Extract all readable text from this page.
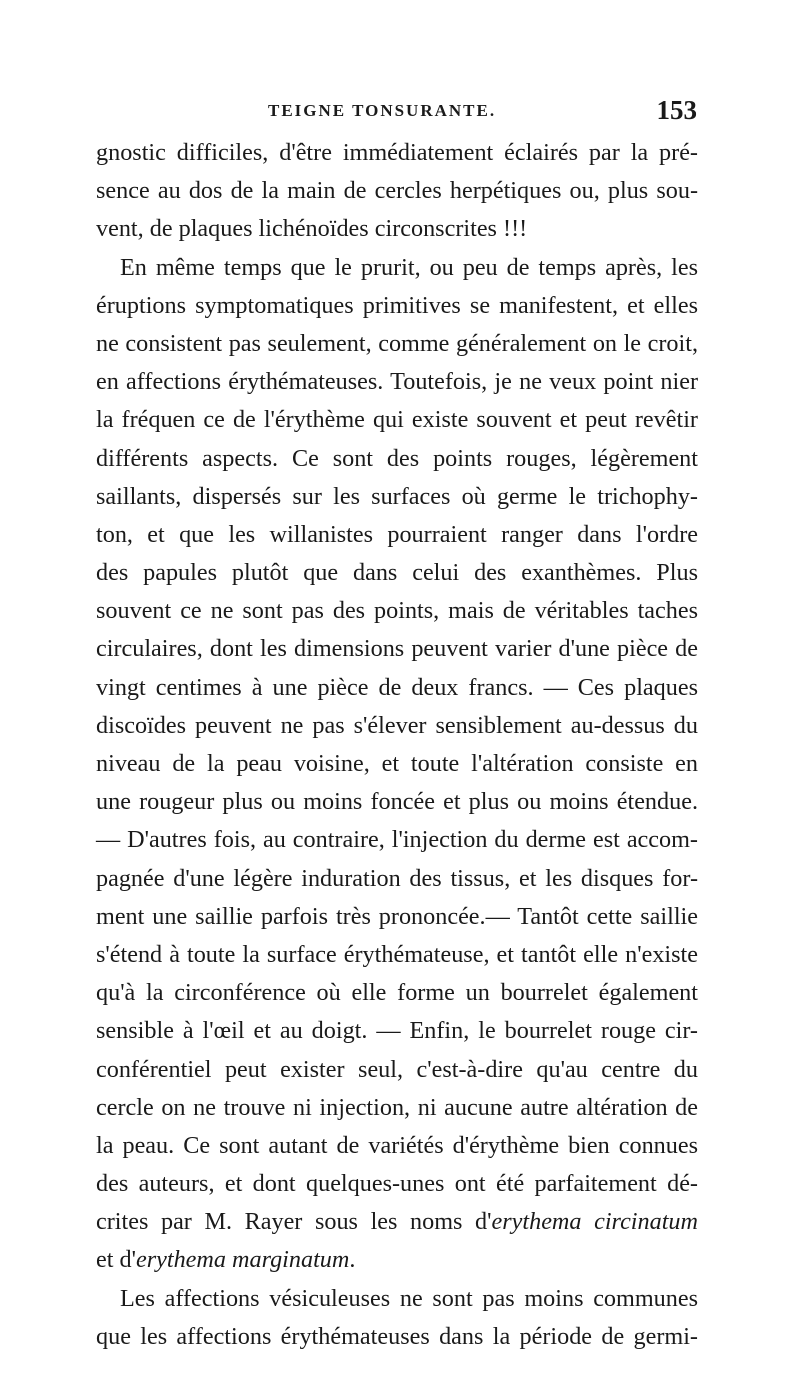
TEIGNE TONSURANTE.	153
gnostic difficiles, d'être immédiatement éclairés par la pré-
sence au dos de la main de cercles herpétiques ou, plus sou-
vent, de plaques lichénoïdes circonscrites !!!
En même temps que le prurit, ou peu de temps après, les
éruptions symptomatiques primitives se manifestent, et elles
ne consistent pas seulement, comme généralement on le croit,
en affections érythémateuses. Toutefois, je ne veux point nier
la fréquen ce de l'érythème qui existe souvent et peut revêtir
différents aspects. Ce sont des points rouges, légèrement
saillants, dispersés sur les surfaces où germe le trichophy-
ton, et que les willanistes pourraient ranger dans l'ordre
des papules plutôt que dans celui des exanthèmes. Plus
souvent ce ne sont pas des points, mais de véritables taches
circulaires, dont les dimensions peuvent varier d'une pièce de
vingt centimes à une pièce de deux francs. — Ces plaques
discoïdes peuvent ne pas s'élever sensiblement au-dessus du
niveau de la peau voisine, et toute l'altération consiste en
une rougeur plus ou moins foncée et plus ou moins étendue.
— D'autres fois, au contraire, l'injection du derme est accom-
pagnée d'une légère induration des tissus, et les disques for-
ment une saillie parfois très prononcée.— Tantôt cette saillie
s'étend à toute la surface érythémateuse, et tantôt elle n'existe
qu'à la circonférence où elle forme un bourrelet également
sensible à l'œil et au doigt. — Enfin, le bourrelet rouge cir-
conférentiel peut exister seul, c'est-à-dire qu'au centre du
cercle on ne trouve ni injection, ni aucune autre altération de
la peau. Ce sont autant de variétés d'érythème bien connues
des auteurs, et dont quelques-unes ont été parfaitement dé-
crites par M. Rayer sous les noms d'erythema circinatum
et d'erythema marginatum.
Les affections vésiculeuses ne sont pas moins communes
que les affections érythémateuses dans la période de germi-
